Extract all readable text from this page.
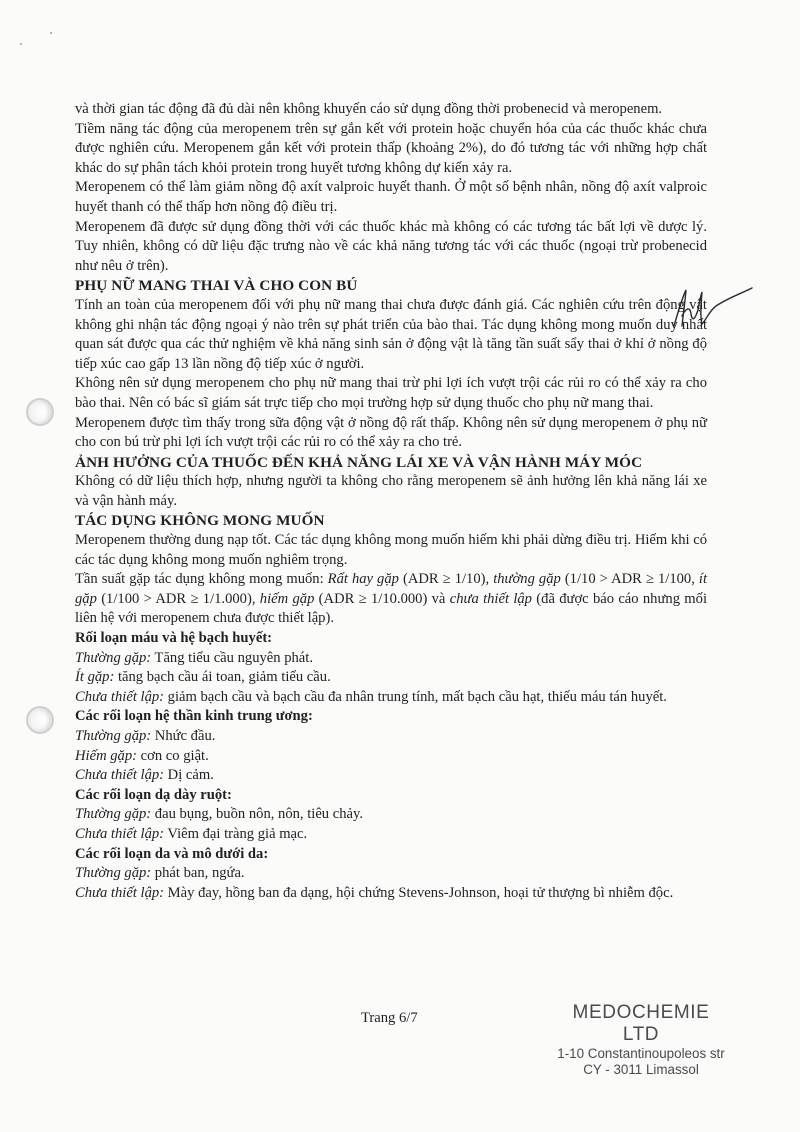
và thời gian tác động đã đủ dài nên không khuyến cáo sử dụng đồng thời probenecid và meropenem.

Tiềm năng tác động của meropenem trên sự gắn kết với protein hoặc chuyển hóa của các thuốc khác chưa được nghiên cứu. Meropenem gắn kết với protein thấp (khoảng 2%), do đó tương tác với những hợp chất khác do sự phân tách khỏi protein trong huyết tương không dự kiến xảy ra.

Meropenem có thể làm giảm nồng độ axít valproic huyết thanh. Ở một số bệnh nhân, nồng độ axít valproic huyết thanh có thể thấp hơn nồng độ điều trị.

Meropenem đã được sử dụng đồng thời với các thuốc khác mà không có các tương tác bất lợi về dược lý. Tuy nhiên, không có dữ liệu đặc trưng nào về các khả năng tương tác với các thuốc (ngoại trừ probenecid như nêu ở trên).

PHỤ NỮ MANG THAI VÀ CHO CON BÚ

Tính an toàn của meropenem đối với phụ nữ mang thai chưa được đánh giá. Các nghiên cứu trên động vật không ghi nhận tác động ngoại ý nào trên sự phát triển của bào thai. Tác dụng không mong muốn duy nhất quan sát được qua các thử nghiệm về khả năng sinh sản ở động vật là tăng tần suất sẩy thai ở khỉ ở nồng độ tiếp xúc cao gấp 13 lần nồng độ tiếp xúc ở người.

Không nên sử dụng meropenem cho phụ nữ mang thai trừ phi lợi ích vượt trội các rủi ro có thể xảy ra cho bào thai. Nên có bác sĩ giám sát trực tiếp cho mọi trường hợp sử dụng thuốc cho phụ nữ mang thai.

Meropenem được tìm thấy trong sữa động vật ở nồng độ rất thấp. Không nên sử dụng meropenem ở phụ nữ cho con bú trừ phi lợi ích vượt trội các rủi ro có thể xảy ra cho trẻ.

ẢNH HƯỞNG CỦA THUỐC ĐẾN KHẢ NĂNG LÁI XE VÀ VẬN HÀNH MÁY MÓC

Không có dữ liệu thích hợp, nhưng người ta không cho rằng meropenem sẽ ảnh hưởng lên khả năng lái xe và vận hành máy.

TÁC DỤNG KHÔNG MONG MUỐN

Meropenem thường dung nạp tốt. Các tác dụng không mong muốn hiếm khi phải dừng điều trị. Hiếm khi có các tác dụng không mong muốn nghiêm trọng.

Tần suất gặp tác dụng không mong muốn: Rất hay gặp (ADR ≥ 1/10), thường gặp (1/10 > ADR ≥ 1/100, ít gặp (1/100 > ADR ≥ 1/1.000), hiếm gặp (ADR ≥ 1/10.000) và chưa thiết lập (đã được báo cáo nhưng mối liên hệ với meropenem chưa được thiết lập).

Rối loạn máu và hệ bạch huyết:

Thường gặp: Tăng tiểu cầu nguyên phát.

Ít gặp: tăng bạch cầu ái toan, giảm tiểu cầu.

Chưa thiết lập: giảm bạch cầu và bạch cầu đa nhân trung tính, mất bạch cầu hạt, thiếu máu tán huyết.

Các rối loạn hệ thần kinh trung ương:

Thường gặp: Nhức đầu.

Hiếm gặp: cơn co giật.

Chưa thiết lập: Dị cảm.

Các rối loạn dạ dày ruột:

Thường gặp: đau bụng, buồn nôn, nôn, tiêu chảy.

Chưa thiết lập: Viêm đại tràng giả mạc.

Các rối loạn da và mô dưới da:

Thường gặp: phát ban, ngứa.

Chưa thiết lập: Mày đay, hồng ban đa dạng, hội chứng Stevens-Johnson, hoại tử thượng bì nhiễm độc.

Trang 6/7	MEDOCHEMIE LTD
1-10 Constantinoupoleos str
CY - 3011 Limassol
